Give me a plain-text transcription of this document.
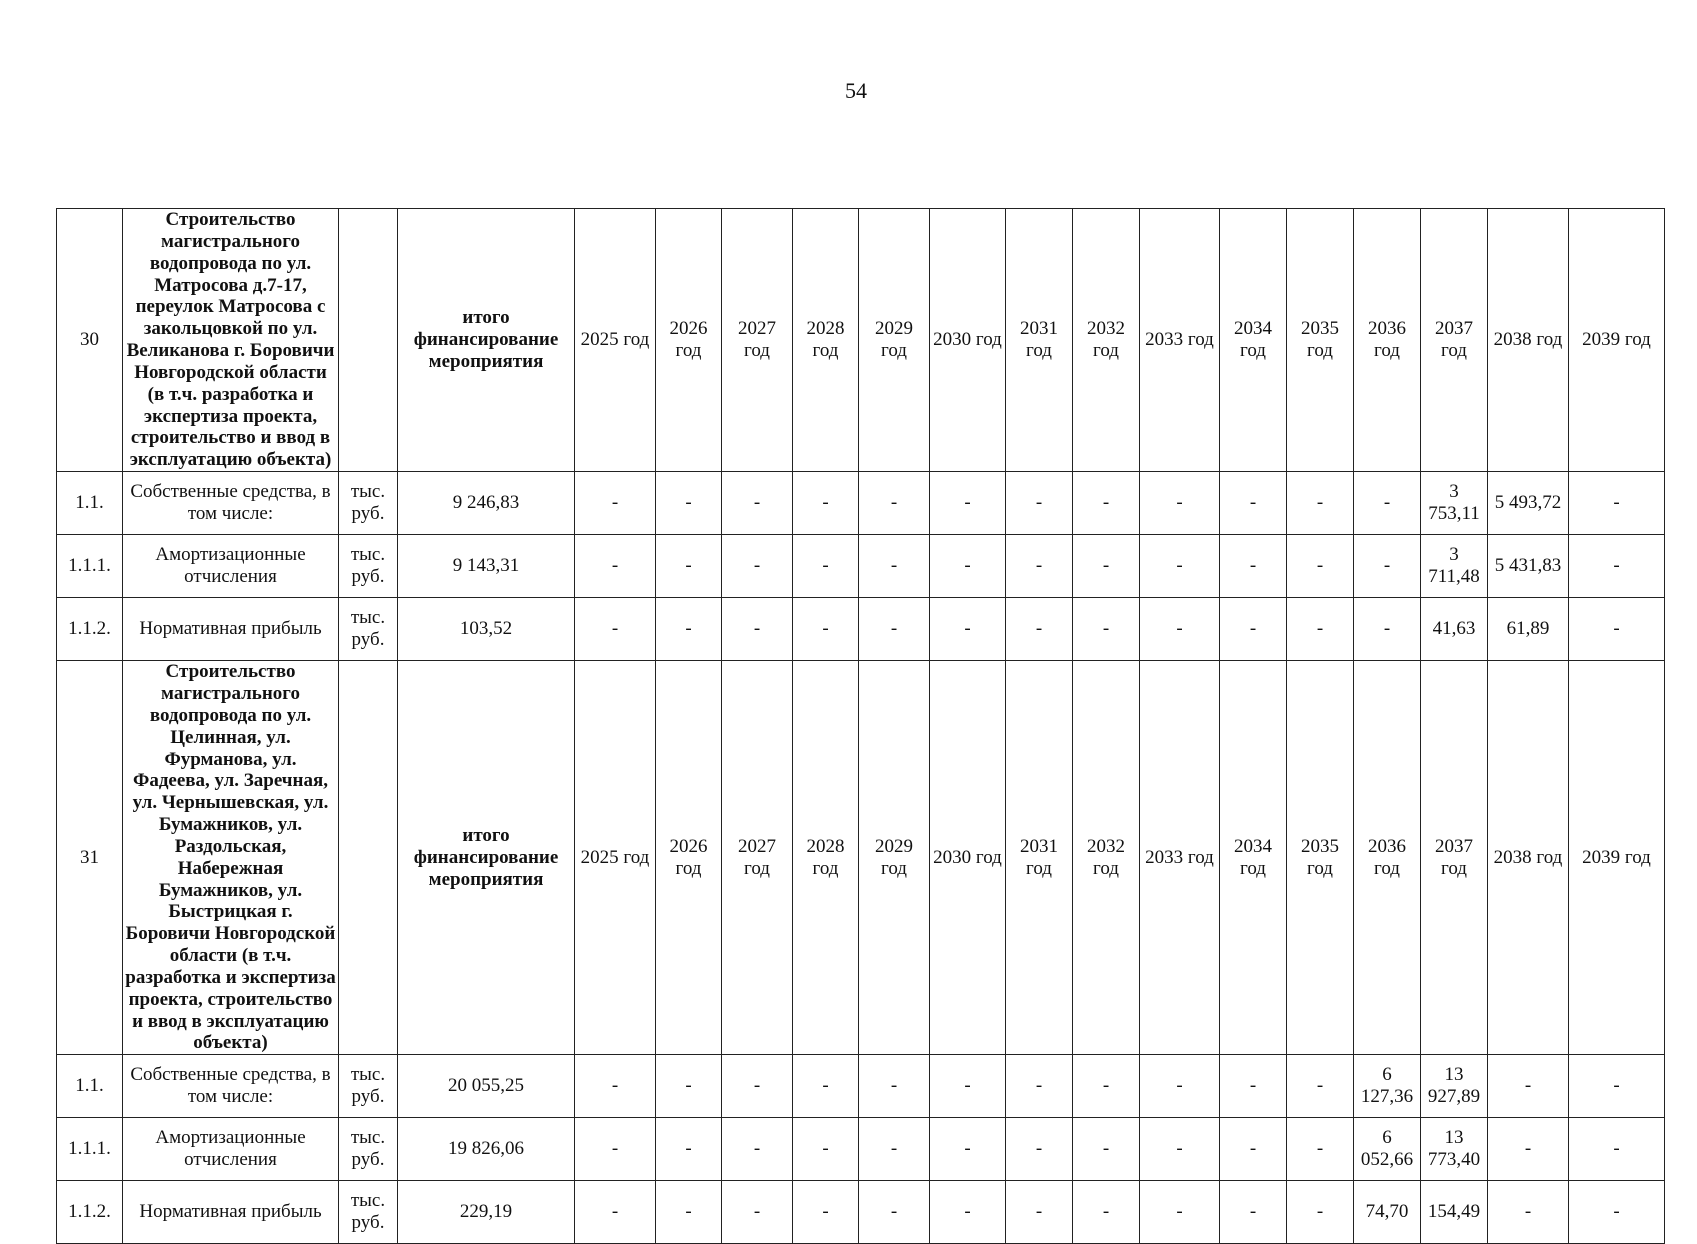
54
30	Строительство магистрального водопровода по ул. Матросова д.7-17, переулок Матросова с закольцовкой по ул. Великанова г. Боровичи Новгородской области (в т.ч. разработка и экспертиза проекта, строительство и ввод в эксплуатацию объекта)		итого финансирование мероприятия	2025 год	2026 год	2027 год	2028 год	2029 год	2030 год	2031 год	2032 год	2033 год	2034 год	2035 год	2036 год	2037 год	2038 год	2039 год
1.1.	Собственные средства, в том числе:	тыс. руб.	9 246,83	-	-	-	-	-	-	-	-	-	-	-	-	3 753,11	5 493,72	-
1.1.1.	Амортизационные отчисления	тыс. руб.	9 143,31	-	-	-	-	-	-	-	-	-	-	-	-	3 711,48	5 431,83	-
1.1.2.	Нормативная прибыль	тыс. руб.	103,52	-	-	-	-	-	-	-	-	-	-	-	-	41,63	61,89	-
31	Строительство магистрального водопровода по ул. Целинная, ул. Фурманова, ул. Фадеева, ул. Заречная, ул. Чернышевская, ул. Бумажников, ул. Раздольская, Набережная Бумажников, ул. Быстрицкая г. Боровичи Новгородской области (в т.ч. разработка и экспертиза проекта, строительство и ввод в эксплуатацию объекта)		итого финансирование мероприятия	2025 год	2026 год	2027 год	2028 год	2029 год	2030 год	2031 год	2032 год	2033 год	2034 год	2035 год	2036 год	2037 год	2038 год	2039 год
1.1.	Собственные средства, в том числе:	тыс. руб.	20 055,25	-	-	-	-	-	-	-	-	-	-	-	6 127,36	13 927,89	-	-
1.1.1.	Амортизационные отчисления	тыс. руб.	19 826,06	-	-	-	-	-	-	-	-	-	-	-	6 052,66	13 773,40	-	-
1.1.2.	Нормативная прибыль	тыс. руб.	229,19	-	-	-	-	-	-	-	-	-	-	-	74,70	154,49	-	-
